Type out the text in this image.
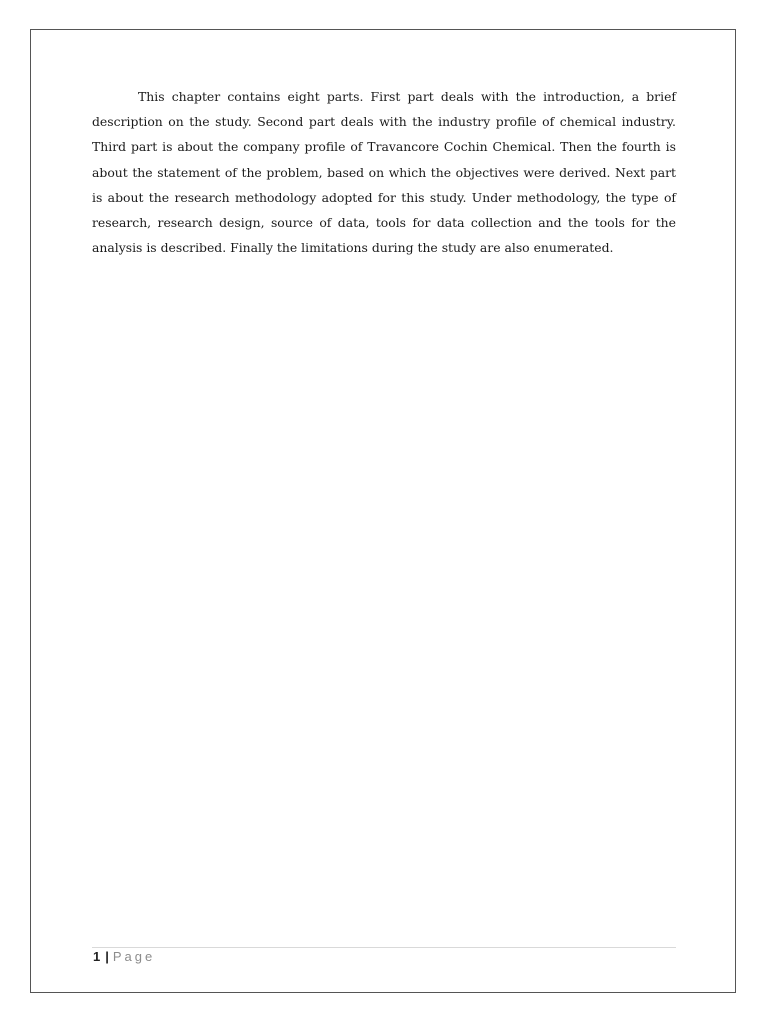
This chapter contains eight parts. First part deals with the introduction, a brief description on the study. Second part deals with the industry profile of chemical industry. Third part is about the company profile of Travancore Cochin Chemical. Then the fourth is about the statement of the problem, based on which the objectives were derived. Next part is about the research methodology adopted for this study. Under methodology, the type of research, research design, source of data, tools for data collection and the tools for the analysis is described. Finally the limitations during the study are also enumerated.

1 | Page
